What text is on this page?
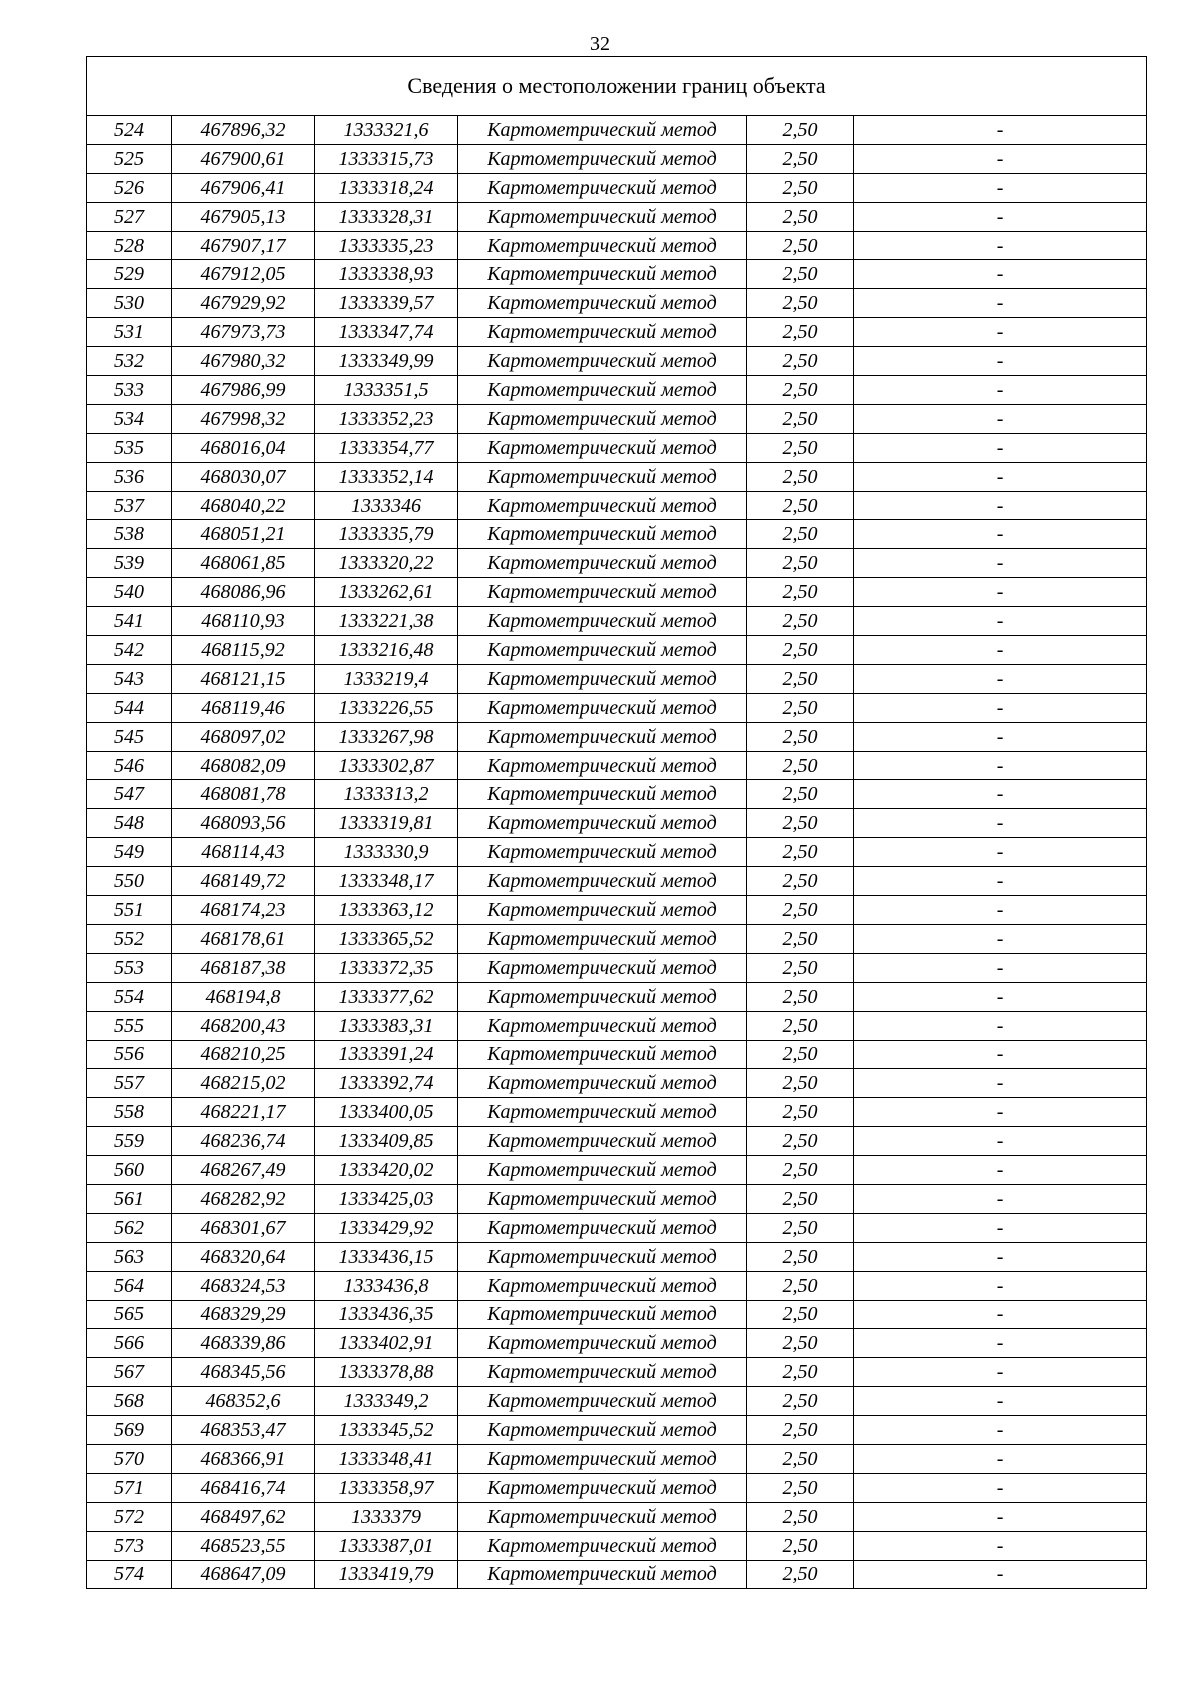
32
Сведения о местоположении границ объекта					
524	467896,32	1333321,6	Картометрический метод	2,50	-
525	467900,61	1333315,73	Картометрический метод	2,50	-
526	467906,41	1333318,24	Картометрический метод	2,50	-
527	467905,13	1333328,31	Картометрический метод	2,50	-
528	467907,17	1333335,23	Картометрический метод	2,50	-
529	467912,05	1333338,93	Картометрический метод	2,50	-
530	467929,92	1333339,57	Картометрический метод	2,50	-
531	467973,73	1333347,74	Картометрический метод	2,50	-
532	467980,32	1333349,99	Картометрический метод	2,50	-
533	467986,99	1333351,5	Картометрический метод	2,50	-
534	467998,32	1333352,23	Картометрический метод	2,50	-
535	468016,04	1333354,77	Картометрический метод	2,50	-
536	468030,07	1333352,14	Картометрический метод	2,50	-
537	468040,22	1333346	Картометрический метод	2,50	-
538	468051,21	1333335,79	Картометрический метод	2,50	-
539	468061,85	1333320,22	Картометрический метод	2,50	-
540	468086,96	1333262,61	Картометрический метод	2,50	-
541	468110,93	1333221,38	Картометрический метод	2,50	-
542	468115,92	1333216,48	Картометрический метод	2,50	-
543	468121,15	1333219,4	Картометрический метод	2,50	-
544	468119,46	1333226,55	Картометрический метод	2,50	-
545	468097,02	1333267,98	Картометрический метод	2,50	-
546	468082,09	1333302,87	Картометрический метод	2,50	-
547	468081,78	1333313,2	Картометрический метод	2,50	-
548	468093,56	1333319,81	Картометрический метод	2,50	-
549	468114,43	1333330,9	Картометрический метод	2,50	-
550	468149,72	1333348,17	Картометрический метод	2,50	-
551	468174,23	1333363,12	Картометрический метод	2,50	-
552	468178,61	1333365,52	Картометрический метод	2,50	-
553	468187,38	1333372,35	Картометрический метод	2,50	-
554	468194,8	1333377,62	Картометрический метод	2,50	-
555	468200,43	1333383,31	Картометрический метод	2,50	-
556	468210,25	1333391,24	Картометрический метод	2,50	-
557	468215,02	1333392,74	Картометрический метод	2,50	-
558	468221,17	1333400,05	Картометрический метод	2,50	-
559	468236,74	1333409,85	Картометрический метод	2,50	-
560	468267,49	1333420,02	Картометрический метод	2,50	-
561	468282,92	1333425,03	Картометрический метод	2,50	-
562	468301,67	1333429,92	Картометрический метод	2,50	-
563	468320,64	1333436,15	Картометрический метод	2,50	-
564	468324,53	1333436,8	Картометрический метод	2,50	-
565	468329,29	1333436,35	Картометрический метод	2,50	-
566	468339,86	1333402,91	Картометрический метод	2,50	-
567	468345,56	1333378,88	Картометрический метод	2,50	-
568	468352,6	1333349,2	Картометрический метод	2,50	-
569	468353,47	1333345,52	Картометрический метод	2,50	-
570	468366,91	1333348,41	Картометрический метод	2,50	-
571	468416,74	1333358,97	Картометрический метод	2,50	-
572	468497,62	1333379	Картометрический метод	2,50	-
573	468523,55	1333387,01	Картометрический метод	2,50	-
574	468647,09	1333419,79	Картометрический метод	2,50	-
